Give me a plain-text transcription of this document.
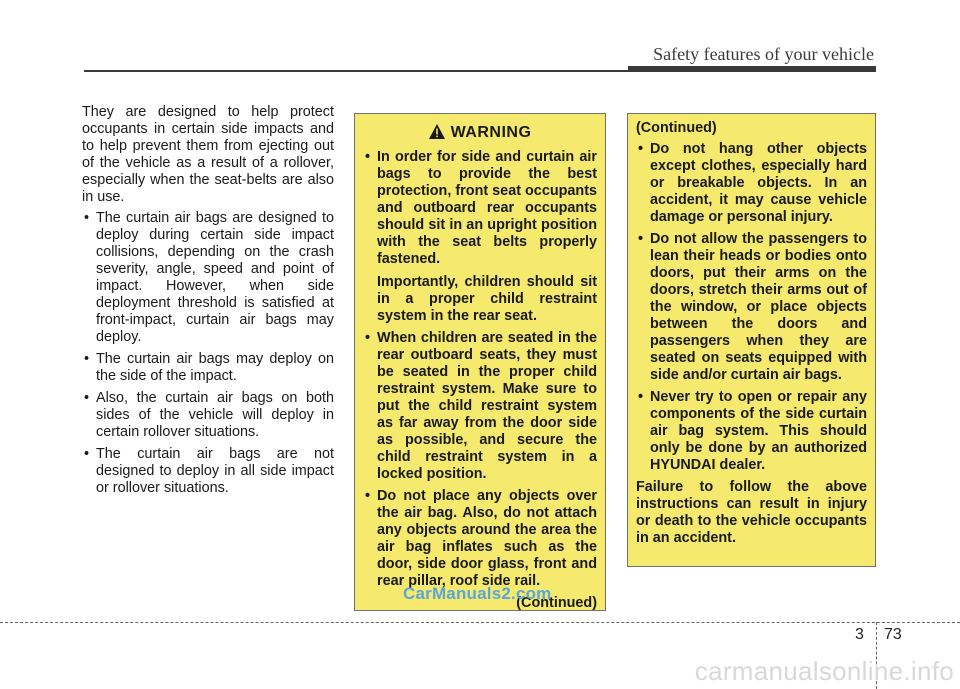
Safety features of your vehicle

They are designed to help protect occupants in certain side impacts and to help prevent them from ejecting out of the vehicle as a result of a rollover, especially when the seat-belts are also in use.

• The curtain air bags are designed to deploy during certain side impact collisions, depending on the crash severity, angle, speed and point of impact. However, when side deployment threshold is satisfied at front-impact, curtain air bags may deploy.
• The curtain air bags may deploy on the side of the impact.
• Also, the curtain air bags on both sides of the vehicle will deploy in certain rollover situations.
• The curtain air bags are not designed to deploy in all side impact or rollover situations.
WARNING
• In order for side and curtain air bags to provide the best protection, front seat occupants and outboard rear occupants should sit in an upright position with the seat belts properly fastened.
Importantly, children should sit in a proper child restraint system in the rear seat.
• When children are seated in the rear outboard seats, they must be seated in the proper child restraint system. Make sure to put the child restraint system as far away from the door side as possible, and secure the child restraint system in a locked position.
• Do not place any objects over the air bag. Also, do not attach any objects around the area the air bag inflates such as the door, side door glass, front and rear pillar, roof side rail.

(Continued)

(Continued)

• Do not hang other objects except clothes, especially hard or breakable objects. In an accident, it may cause vehicle damage or personal injury.
• Do not allow the passengers to lean their heads or bodies onto doors, put their arms on the doors, stretch their arms out of the window, or place objects between the doors and passengers when they are seated on seats equipped with side and/or curtain air bags.
• Never try to open or repair any components of the side curtain air bag system. This should only be done by an authorized HYUNDAI dealer.

Failure to follow the above instructions can result in injury or death to the vehicle occupants in an accident.

CarManuals2.com
3 73
carmanualsonline.info
